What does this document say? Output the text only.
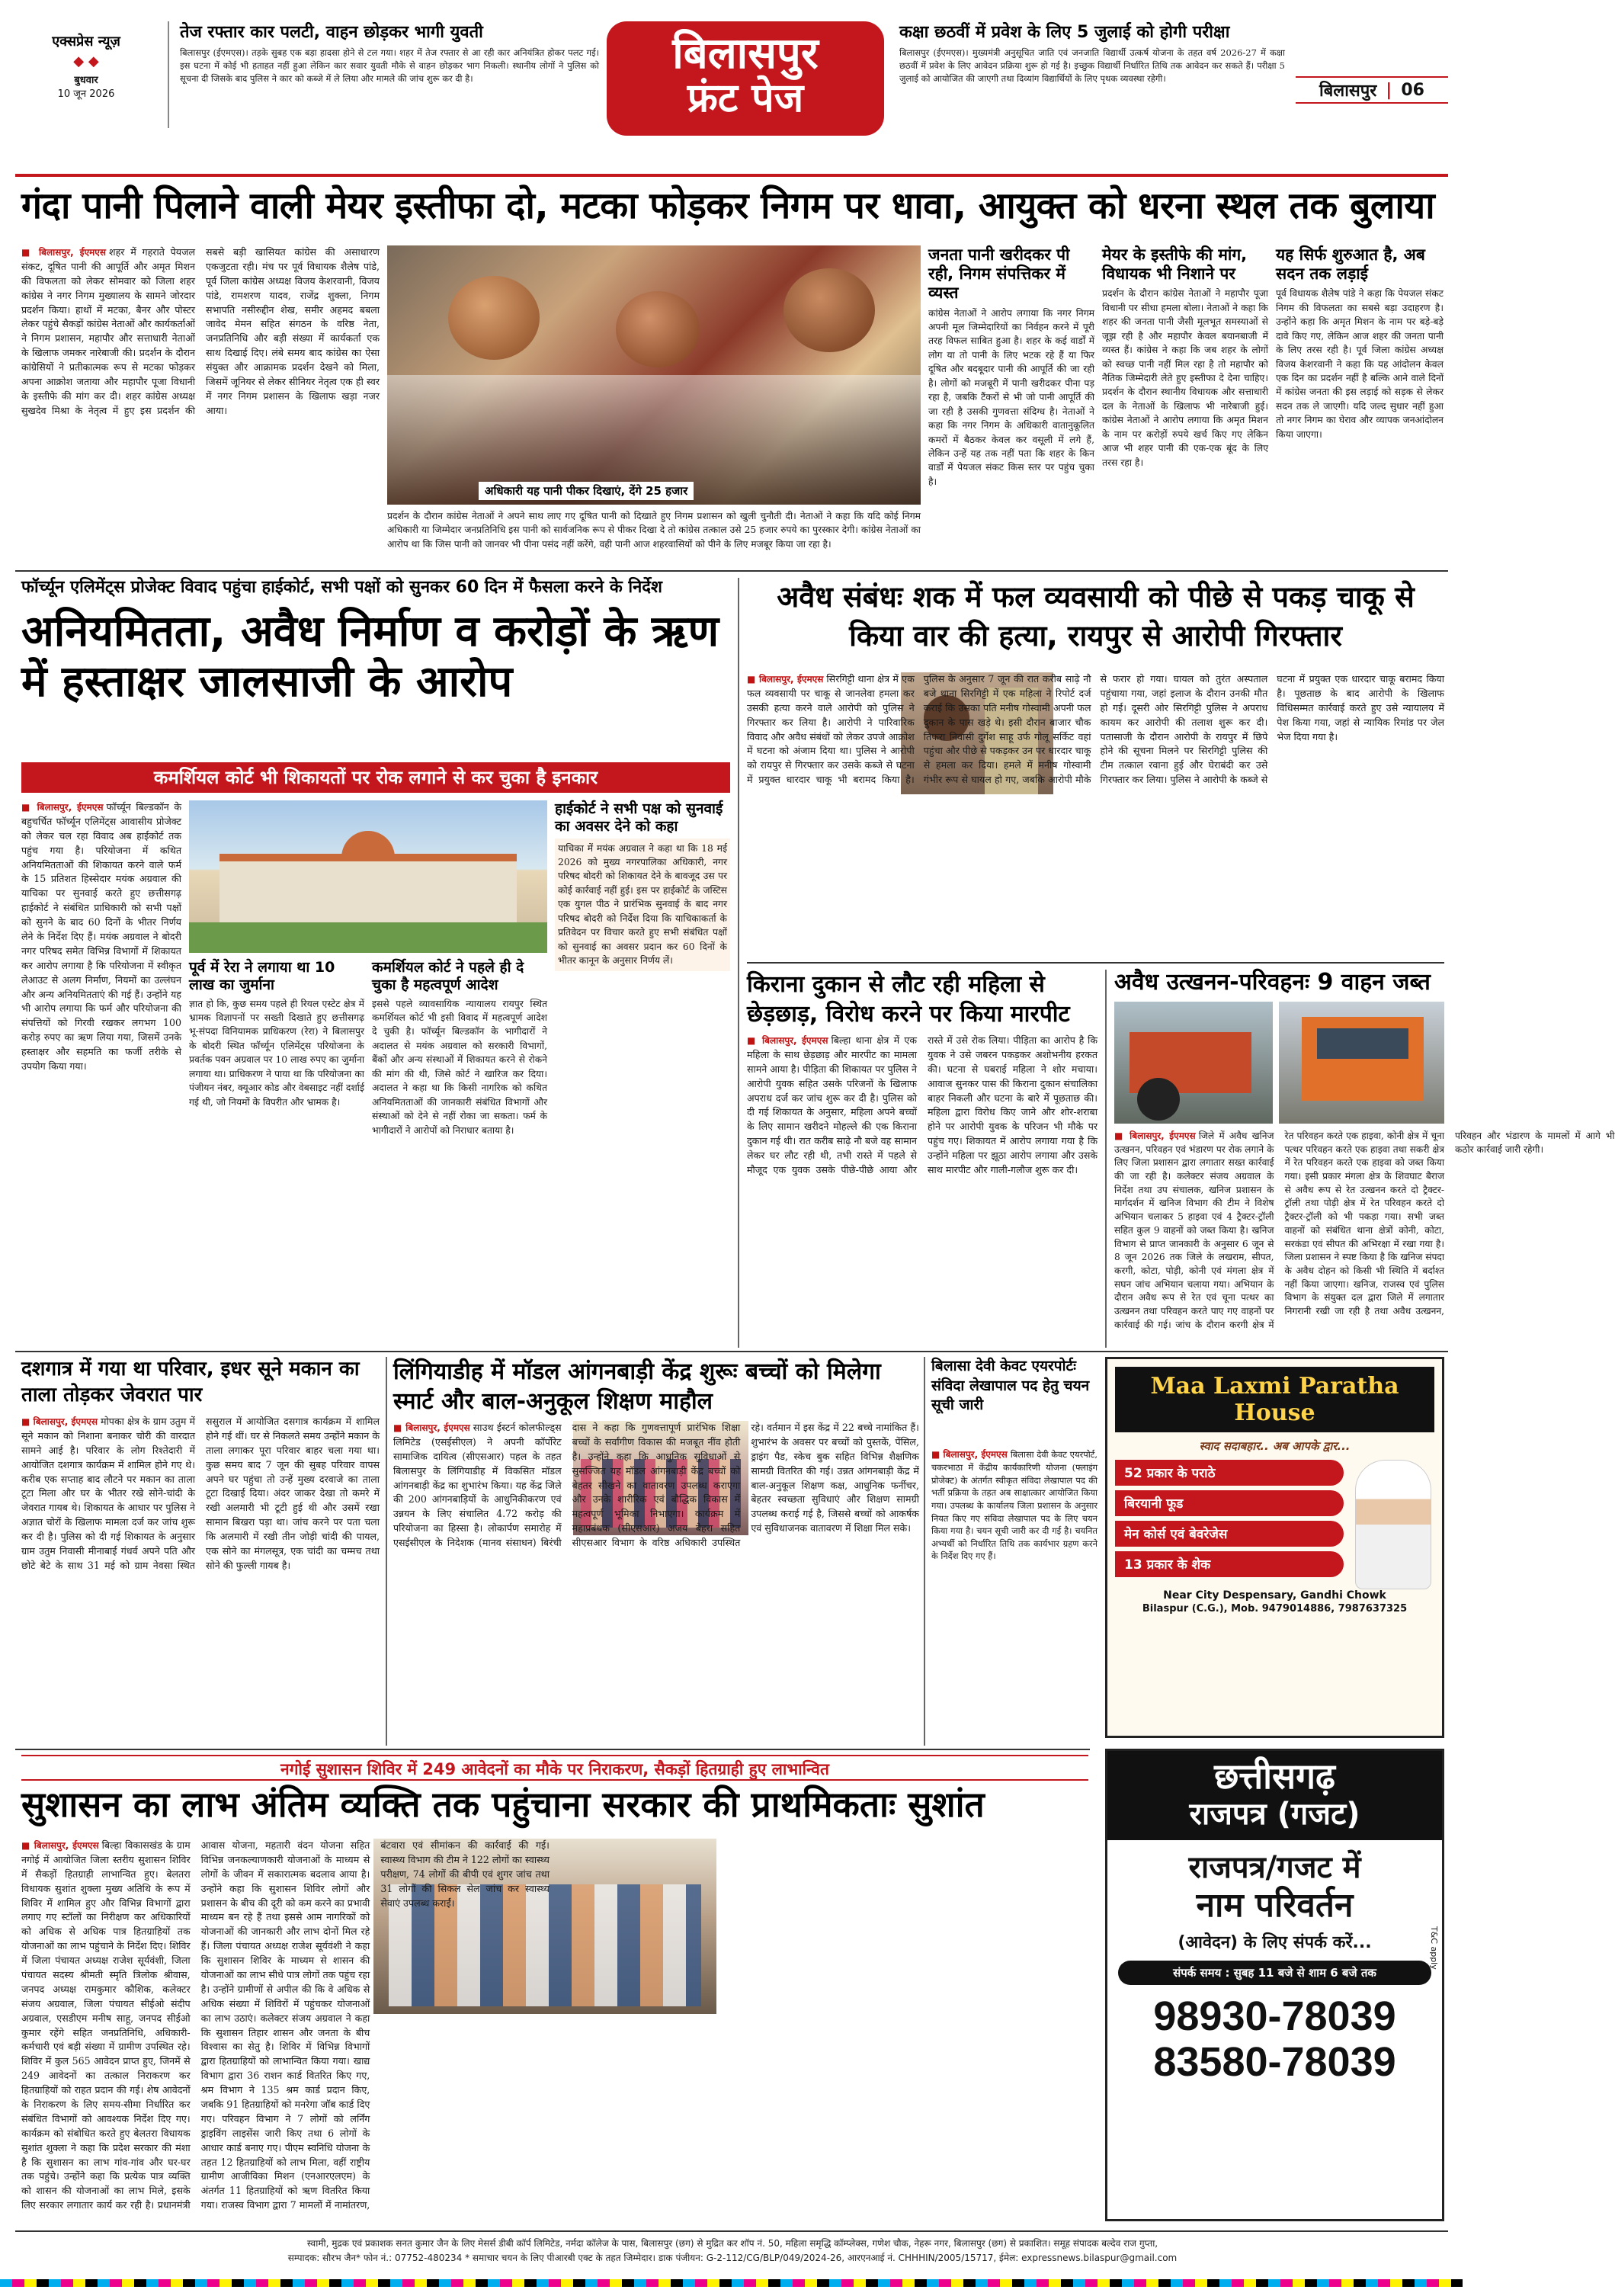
एक्सप्रेस न्यूज़
◆ ◆
बुधवार
10 जून 2026
तेज रफ्तार कार पलटी, वाहन छोड़कर भागी युवती
बिलासपुर (ईएमएस)। तड़के सुबह एक बड़ा हादसा होने से टल गया। शहर में तेज रफ्तार से आ रही कार अनियंत्रित होकर पलट गई। इस घटना में कोई भी हताहत नहीं हुआ लेकिन कार सवार युवती मौके से वाहन छोड़कर भाग निकली। स्थानीय लोगों ने पुलिस को सूचना दी जिसके बाद पुलिस ने कार को कब्जे में ले लिया और मामले की जांच शुरू कर दी है।	बिलासपुर
फ्रंट पेज
कक्षा छठवीं में प्रवेश के लिए 5 जुलाई को होगी परीक्षा
बिलासपुर (ईएमएस)। मुख्यमंत्री अनुसूचित जाति एवं जनजाति विद्यार्थी उत्कर्ष योजना के तहत वर्ष 2026-27 में कक्षा छठवीं में प्रवेश के लिए आवेदन प्रक्रिया शुरू हो गई है। इच्छुक विद्यार्थी निर्धारित तिथि तक आवेदन कर सकते हैं। परीक्षा 5 जुलाई को आयोजित की जाएगी तथा दिव्यांग विद्यार्थियों के लिए पृथक व्यवस्था रहेगी।
बिलासपुर | 06
गंदा पानी पिलाने वाली मेयर इस्तीफा दो, मटका फोड़कर निगम पर धावा, आयुक्त को धरना स्थल तक बुलाया
■ बिलासपुर, ईएमएस शहर में गहराते पेयजल संकट, दूषित पानी की आपूर्ति और अमृत मिशन की विफलता को लेकर सोमवार को जिला शहर कांग्रेस ने नगर निगम मुख्यालय के सामने जोरदार प्रदर्शन किया। हाथों में मटका, बैनर और पोस्टर लेकर पहुंचे सैकड़ों कांग्रेस नेताओं और कार्यकर्ताओं ने निगम प्रशासन, महापौर और सत्ताधारी नेताओं के खिलाफ जमकर नारेबाजी की। प्रदर्शन के दौरान कांग्रेसियों ने प्रतीकात्मक रूप से मटका फोड़कर अपना आक्रोश जताया और महापौर पूजा विधानी के इस्तीफे की मांग कर दी। शहर कांग्रेस अध्यक्ष सुखदेव मिश्रा के नेतृत्व में हुए इस प्रदर्शन की सबसे बड़ी खासियत कांग्रेस की असाधारण एकजुटता रही। मंच पर पूर्व विधायक शैलेष पांडे, पूर्व जिला कांग्रेस अध्यक्ष विजय केशरवानी, विजय पांडे, रामशरण यादव, राजेंद्र शुक्ला, निगम सभापति नसीरुद्दीन शेख, समीर अहमद बबला जावेद मेमन सहित संगठन के वरिष्ठ नेता, जनप्रतिनिधि और बड़ी संख्या में कार्यकर्ता एक साथ दिखाई दिए। लंबे समय बाद कांग्रेस का ऐसा संयुक्त और आक्रामक प्रदर्शन देखने को मिला, जिसमें जूनियर से लेकर सीनियर नेतृत्व एक ही स्वर में नगर निगम प्रशासन के खिलाफ खड़ा नजर आया।
अधिकारी यह पानी पीकर दिखाएं, देंगे 25 हजार
प्रदर्शन के दौरान कांग्रेस नेताओं ने अपने साथ लाए गए दूषित पानी को दिखाते हुए निगम प्रशासन को खुली चुनौती दी। नेताओं ने कहा कि यदि कोई निगम अधिकारी या जिम्मेदार जनप्रतिनिधि इस पानी को सार्वजनिक रूप से पीकर दिखा दे तो कांग्रेस तत्काल उसे 25 हजार रुपये का पुरस्कार देगी। कांग्रेस नेताओं का आरोप था कि जिस पानी को जानवर भी पीना पसंद नहीं करेंगे, वही पानी आज शहरवासियों को पीने के लिए मजबूर किया जा रहा है।
जनता पानी खरीदकर पी रही, निगम संपत्तिकर में व्यस्त
कांग्रेस नेताओं ने आरोप लगाया कि नगर निगम अपनी मूल जिम्मेदारियों का निर्वहन करने में पूरी तरह विफल साबित हुआ है। शहर के कई वार्डों में लोग या तो पानी के लिए भटक रहे हैं या फिर दूषित और बदबूदार पानी की आपूर्ति की जा रही है। लोगों को मजबूरी में पानी खरीदकर पीना पड़ रहा है, जबकि टैंकरों से भी जो पानी आपूर्ति की जा रही है उसकी गुणवत्ता संदिग्ध है। नेताओं ने कहा कि नगर निगम के अधिकारी वातानुकूलित कमरों में बैठकर केवल कर वसूली में लगे हैं, लेकिन उन्हें यह तक नहीं पता कि शहर के किन वार्डों में पेयजल संकट किस स्तर पर पहुंच चुका है।
मेयर के इस्तीफे की मांग, विधायक भी निशाने पर
प्रदर्शन के दौरान कांग्रेस नेताओं ने महापौर पूजा विधानी पर सीधा हमला बोला। नेताओं ने कहा कि शहर की जनता पानी जैसी मूलभूत समस्याओं से जूझ रही है और महापौर केवल बयानबाजी में व्यस्त हैं। कांग्रेस ने कहा कि जब शहर के लोगों को स्वच्छ पानी नहीं मिल रहा है तो महापौर को नैतिक जिम्मेदारी लेते हुए इस्तीफा दे देना चाहिए। प्रदर्शन के दौरान स्थानीय विधायक और सत्ताधारी दल के नेताओं के खिलाफ भी नारेबाजी हुई। कांग्रेस नेताओं ने आरोप लगाया कि अमृत मिशन के नाम पर करोड़ों रुपये खर्च किए गए लेकिन आज भी शहर पानी की एक-एक बूंद के लिए तरस रहा है।
यह सिर्फ शुरुआत है, अब सदन तक लड़ाई
पूर्व विधायक शैलेष पांडे ने कहा कि पेयजल संकट निगम की विफलता का सबसे बड़ा उदाहरण है। उन्होंने कहा कि अमृत मिशन के नाम पर बड़े-बड़े दावे किए गए, लेकिन आज शहर की जनता पानी के लिए तरस रही है। पूर्व जिला कांग्रेस अध्यक्ष विजय केशरवानी ने कहा कि यह आंदोलन केवल एक दिन का प्रदर्शन नहीं है बल्कि आने वाले दिनों में कांग्रेस जनता की इस लड़ाई को सड़क से लेकर सदन तक ले जाएगी। यदि जल्द सुधार नहीं हुआ तो नगर निगम का घेराव और व्यापक जनआंदोलन किया जाएगा।
फॉर्च्यून एलिमेंट्स प्रोजेक्ट विवाद पहुंचा हाईकोर्ट, सभी पक्षों को सुनकर 60 दिन में फैसला करने के निर्देश
अनियमितता, अवैध निर्माण व करोड़ों के ऋण में हस्ताक्षर जालसाजी के आरोप
कमर्शियल कोर्ट भी शिकायतों पर रोक लगाने से कर चुका है इनकार
■ बिलासपुर, ईएमएस फॉर्च्यून बिल्डकॉन के बहुचर्चित फॉर्च्यून एलिमेंट्स आवासीय प्रोजेक्ट को लेकर चल रहा विवाद अब हाईकोर्ट तक पहुंच गया है। परियोजना में कथित अनियमितताओं की शिकायत करने वाले फर्म के 15 प्रतिशत हिस्सेदार मयंक अग्रवाल की याचिका पर सुनवाई करते हुए छत्तीसगढ़ हाईकोर्ट ने संबंधित प्राधिकारी को सभी पक्षों को सुनने के बाद 60 दिनों के भीतर निर्णय लेने के निर्देश दिए हैं। मयंक अग्रवाल ने बोदरी नगर परिषद समेत विभिन्न विभागों में शिकायत कर आरोप लगाया है कि परियोजना में स्वीकृत लेआउट से अलग निर्माण, नियमों का उल्लंघन और अन्य अनियमितताएं की गई हैं। उन्होंने यह भी आरोप लगाया कि फर्म और परियोजना की संपत्तियों को गिरवी रखकर लगभग 100 करोड़ रुपए का ऋण लिया गया, जिसमें उनके हस्ताक्षर और सहमति का फर्जी तरीके से उपयोग किया गया।
पूर्व में रेरा ने लगाया था 10 लाख का जुर्माना
ज्ञात हो कि, कुछ समय पहले ही रियल एस्टेट क्षेत्र में भ्रामक विज्ञापनों पर सख्ती दिखाते हुए छत्तीसगढ़ भू-संपदा विनियामक प्राधिकरण (रेरा) ने बिलासपुर के बोदरी स्थित फॉर्च्यून एलिमेंट्स परियोजना के प्रवर्तक पवन अग्रवाल पर 10 लाख रुपए का जुर्माना लगाया था। प्राधिकरण ने पाया था कि परियोजना का पंजीयन नंबर, क्यूआर कोड और वेबसाइट नहीं दर्शाई गई थी, जो नियमों के विपरीत और भ्रामक है।
कमर्शियल कोर्ट ने पहले ही दे चुका है महत्वपूर्ण आदेश
इससे पहले व्यावसायिक न्यायालय रायपुर स्थित कमर्शियल कोर्ट भी इसी विवाद में महत्वपूर्ण आदेश दे चुकी है। फॉर्च्यून बिल्डकॉन के भागीदारों ने अदालत से मयंक अग्रवाल को सरकारी विभागों, बैंकों और अन्य संस्थाओं में शिकायत करने से रोकने की मांग की थी, जिसे कोर्ट ने खारिज कर दिया। अदालत ने कहा था कि किसी नागरिक को कथित अनियमितताओं की जानकारी संबंधित विभागों और संस्थाओं को देने से नहीं रोका जा सकता। फर्म के भागीदारों ने आरोपों को निराधार बताया है।
हाईकोर्ट ने सभी पक्ष को सुनवाई का अवसर देने को कहा
याचिका में मयंक अग्रवाल ने कहा था कि 18 मई 2026 को मुख्य नगरपालिका अधिकारी, नगर परिषद बोदरी को शिकायत देने के बावजूद उस पर कोई कार्रवाई नहीं हुई। इस पर हाईकोर्ट के जस्टिस एक युगल पीठ ने प्रारंभिक सुनवाई के बाद नगर परिषद बोदरी को निर्देश दिया कि याचिकाकर्ता के प्रतिवेदन पर विचार करते हुए सभी संबंधित पक्षों को सुनवाई का अवसर प्रदान कर 60 दिनों के भीतर कानून के अनुसार निर्णय लें।
अवैध संबंधः शक में फल व्यवसायी को पीछे से पकड़ चाकू से किया वार की हत्या, रायपुर से आरोपी गिरफ्तार
■ बिलासपुर, ईएमएस सिरगिट्टी थाना क्षेत्र में एक फल व्यवसायी पर चाकू से जानलेवा हमला कर उसकी हत्या करने वाले आरोपी को पुलिस ने गिरफ्तार कर लिया है। आरोपी ने पारिवारिक विवाद और अवैध संबंधों को लेकर उपजे आक्रोश में घटना को अंजाम दिया था। पुलिस ने आरोपी को रायपुर से गिरफ्तार कर उसके कब्जे से घटना में प्रयुक्त धारदार चाकू भी बरामद किया है। पुलिस के अनुसार 7 जून की रात करीब साढ़े नौ बजे थाना सिरगिट्टी में एक महिला ने रिपोर्ट दर्ज कराई कि उसका पति मनीष गोस्वामी अपनी फल दुकान के पास खड़े थे। इसी दौरान बाजार चौक तिफरा निवासी दुर्गेश साहू उर्फ गोलू सर्किट वहां पहुंचा और पीछे से पकड़कर उन पर धारदार चाकू से हमला कर दिया। हमले में मनीष गोस्वामी गंभीर रूप से घायल हो गए, जबकि आरोपी मौके से फरार हो गया। घायल को तुरंत अस्पताल पहुंचाया गया, जहां इलाज के दौरान उनकी मौत हो गई। दूसरी ओर सिरगिट्टी पुलिस ने अपराध कायम कर आरोपी की तलाश शुरू कर दी। पतासाजी के दौरान आरोपी के रायपुर में छिपे होने की सूचना मिलने पर सिरगिट्टी पुलिस की टीम तत्काल रवाना हुई और घेराबंदी कर उसे गिरफ्तार कर लिया। पुलिस ने आरोपी के कब्जे से घटना में प्रयुक्त एक धारदार चाकू बरामद किया है। पूछताछ के बाद आरोपी के खिलाफ विधिसम्मत कार्रवाई करते हुए उसे न्यायालय में पेश किया गया, जहां से न्यायिक रिमांड पर जेल भेज दिया गया है।
किराना दुकान से लौट रही महिला से छेड़छाड़, विरोध करने पर किया मारपीट
■ बिलासपुर, ईएमएस बिल्हा थाना क्षेत्र में एक महिला के साथ छेड़छाड़ और मारपीट का मामला सामने आया है। पीड़िता की शिकायत पर पुलिस ने आरोपी युवक सहित उसके परिजनों के खिलाफ अपराध दर्ज कर जांच शुरू कर दी है। पुलिस को दी गई शिकायत के अनुसार, महिला अपने बच्चों के लिए सामान खरीदने मोहल्ले की एक किराना दुकान गई थी। रात करीब साढ़े नौ बजे वह सामान लेकर घर लौट रही थी, तभी रास्ते में पहले से मौजूद एक युवक उसके पीछे-पीछे आया और रास्ते में उसे रोक लिया। पीड़िता का आरोप है कि युवक ने उसे जबरन पकड़कर अशोभनीय हरकत की। घटना से घबराई महिला ने शोर मचाया। आवाज सुनकर पास की किराना दुकान संचालिका बाहर निकली और घटना के बारे में पूछताछ की। महिला द्वारा विरोध किए जाने और शोर-शराबा होने पर आरोपी युवक के परिजन भी मौके पर पहुंच गए। शिकायत में आरोप लगाया गया है कि उन्होंने महिला पर झूठा आरोप लगाया और उसके साथ मारपीट और गाली-गलौज शुरू कर दी।
अवैध उत्खनन-परिवहनः 9 वाहन जब्त
■ बिलासपुर, ईएमएस जिले में अवैध खनिज उत्खनन, परिवहन एवं भंडारण पर रोक लगाने के लिए जिला प्रशासन द्वारा लगातार सख्त कार्रवाई की जा रही है। कलेक्टर संजय अग्रवाल के निर्देश तथा उप संचालक, खनिज प्रशासन के मार्गदर्शन में खनिज विभाग की टीम ने विशेष अभियान चलाकर 5 हाइवा एवं 4 ट्रैक्टर-ट्रॉली सहित कुल 9 वाहनों को जब्त किया है। खनिज विभाग से प्राप्त जानकारी के अनुसार 6 जून से 8 जून 2026 तक जिले के लखराम, सीपत, करगी, कोटा, पोड़ी, कोनी एवं मंगला क्षेत्र में सघन जांच अभियान चलाया गया। अभियान के दौरान अवैध रूप से रेत एवं चूना पत्थर का उत्खनन तथा परिवहन करते पाए गए वाहनों पर कार्रवाई की गई। जांच के दौरान करगी क्षेत्र में रेत परिवहन करते एक हाइवा, कोनी क्षेत्र में चूना पत्थर परिवहन करते एक हाइवा तथा सकरी क्षेत्र में रेत परिवहन करते एक हाइवा को जब्त किया गया। इसी प्रकार मंगला क्षेत्र के शिवघाट बैराज से अवैध रूप से रेत उत्खनन करते दो ट्रैक्टर-ट्रॉली तथा पोड़ी क्षेत्र में रेत परिवहन करते दो ट्रैक्टर-ट्रॉली को भी पकड़ा गया। सभी जब्त वाहनों को संबंधित थाना क्षेत्रों कोनी, कोटा, सरकंडा एवं सीपत की अभिरक्षा में रखा गया है। जिला प्रशासन ने स्पष्ट किया है कि खनिज संपदा के अवैध दोहन को किसी भी स्थिति में बर्दाश्त नहीं किया जाएगा। खनिज, राजस्व एवं पुलिस विभाग के संयुक्त दल द्वारा जिले में लगातार निगरानी रखी जा रही है तथा अवैध उत्खनन, परिवहन और भंडारण के मामलों में आगे भी कठोर कार्रवाई जारी रहेगी।
दशगात्र में गया था परिवार, इधर सूने मकान का ताला तोड़कर जेवरात पार
■ बिलासपुर, ईएमएस मोपका क्षेत्र के ग्राम उतुम में सूने मकान को निशाना बनाकर चोरी की वारदात सामने आई है। परिवार के लोग रिश्तेदारी में आयोजित दशगात्र कार्यक्रम में शामिल होने गए थे। करीब एक सप्ताह बाद लौटने पर मकान का ताला टूटा मिला और घर के भीतर रखे सोने-चांदी के जेवरात गायब थे। शिकायत के आधार पर पुलिस ने अज्ञात चोरों के खिलाफ मामला दर्ज कर जांच शुरू कर दी है। पुलिस को दी गई शिकायत के अनुसार ग्राम उतुम निवासी मीनाबाई गंधर्व अपने पति और छोटे बेटे के साथ 31 मई को ग्राम नेवसा स्थित ससुराल में आयोजित दसगात्र कार्यक्रम में शामिल होने गई थीं। घर से निकलते समय उन्होंने मकान के ताला लगाकर पूरा परिवार बाहर चला गया था। कुछ समय बाद 7 जून की सुबह परिवार वापस अपने घर पहुंचा तो उन्हें मुख्य दरवाजे का ताला टूटा दिखाई दिया। अंदर जाकर देखा तो कमरे में रखी अलमारी भी टूटी हुई थी और उसमें रखा सामान बिखरा पड़ा था। जांच करने पर पता चला कि अलमारी में रखी तीन जोड़ी चांदी की पायल, एक सोने का मंगलसूत्र, एक चांदी का चम्मच तथा सोने की फुल्ली गायब है।
लिंगियाडीह में मॉडल आंगनबाड़ी केंद्र शुरूः बच्चों को मिलेगा स्मार्ट और बाल-अनुकूल शिक्षण माहौल
■ बिलासपुर, ईएमएस साउथ ईस्टर्न कोलफील्ड्स लिमिटेड (एसईसीएल) ने अपनी कॉर्पोरेट सामाजिक दायित्व (सीएसआर) पहल के तहत बिलासपुर के लिंगियाडीह में विकसित मॉडल आंगनबाड़ी केंद्र का शुभारंभ किया। यह केंद्र जिले की 200 आंगनबाड़ियों के आधुनिकीकरण एवं उन्नयन के लिए संचालित 4.72 करोड़ की परियोजना का हिस्सा है। लोकार्पण समारोह में एसईसीएल के निदेशक (मानव संसाधन) बिरंची दास ने कहा कि गुणवत्तापूर्ण प्रारंभिक शिक्षा बच्चों के सर्वांगीण विकास की मजबूत नींव होती है। उन्होंने कहा कि आधुनिक सुविधाओं से सुसज्जित यह मॉडल आंगनबाड़ी केंद्र बच्चों को बेहतर सीखने का वातावरण उपलब्ध कराएगा और उनके शारीरिक एवं बौद्धिक विकास में महत्वपूर्ण भूमिका निभाएगा। कार्यक्रम में महाप्रबंधक (सीएसआर) अजय बेहरा सहित सीएसआर विभाग के वरिष्ठ अधिकारी उपस्थित रहे। वर्तमान में इस केंद्र में 22 बच्चे नामांकित हैं। शुभारंभ के अवसर पर बच्चों को पुस्तकें, पेंसिल, ड्राइंग पैड, स्केच बुक सहित विभिन्न शैक्षणिक सामग्री वितरित की गई। उन्नत आंगनबाड़ी केंद्र में बाल-अनुकूल शिक्षण कक्ष, आधुनिक फर्नीचर, बेहतर स्वच्छता सुविधाएं और शिक्षण सामग्री उपलब्ध कराई गई है, जिससे बच्चों को आकर्षक एवं सुविधाजनक वातावरण में शिक्षा मिल सके।
बिलासा देवी केवट एयरपोर्टः संविदा लेखापाल पद हेतु चयन सूची जारी
■ बिलासपुर, ईएमएस बिलासा देवी केवट एयरपोर्ट, चकरभाठा में केंद्रीय कार्यकारिणी योजना (फ्लाइंग प्रोजेक्ट) के अंतर्गत स्वीकृत संविदा लेखापाल पद की भर्ती प्रक्रिया के तहत अब साक्षात्कार आयोजित किया गया। उपलब्ध के कार्यालय जिला प्रशासन के अनुसार नियत किए गए संविदा लेखापाल पद के लिए चयन किया गया है। चयन सूची जारी कर दी गई है। चयनित अभ्यर्थी को निर्धारित तिथि तक कार्यभार ग्रहण करने के निर्देश दिए गए हैं।
Maa Laxmi Paratha House
स्वाद सदाबहार.. अब आपके द्वार...
52 प्रकार के पराठे
बिरयानी फूड
मेन कोर्स एवं बेवरेजेस
13 प्रकार के शेक
Near City Despensary, Gandhi Chowk
Bilaspur (C.G.), Mob. 9479014886, 7987637325
नगोई सुशासन शिविर में 249 आवेदनों का मौके पर निराकरण, सैकड़ों हितग्राही हुए लाभान्वित
सुशासन का लाभ अंतिम व्यक्ति तक पहुंचाना सरकार की प्राथमिकताः सुशांत
■ बिलासपुर, ईएमएस बिल्हा विकासखंड के ग्राम नगोई में आयोजित जिला स्तरीय सुशासन शिविर में सैकड़ों हितग्राही लाभान्वित हुए। बेलतरा विधायक सुशांत शुक्ला मुख्य अतिथि के रूप में शिविर में शामिल हुए और विभिन्न विभागों द्वारा लगाए गए स्टॉलों का निरीक्षण कर अधिकारियों को अधिक से अधिक पात्र हितग्राहियों तक योजनाओं का लाभ पहुंचाने के निर्देश दिए। शिविर में जिला पंचायत अध्यक्ष राजेश सूर्यवंशी, जिला पंचायत सदस्य श्रीमती स्मृति त्रिलोक श्रीवास, जनपद अध्यक्ष रामकुमार कौशिक, कलेक्टर संजय अग्रवाल, जिला पंचायत सीईओ संदीप अग्रवाल, एसडीएम मनीष साहू, जनपद सीईओ कुमार रहेंगे सहित जनप्रतिनिधि, अधिकारी-कर्मचारी एवं बड़ी संख्या में ग्रामीण उपस्थित रहे। शिविर में कुल 565 आवेदन प्राप्त हुए, जिनमें से 249 आवेदनों का तत्काल निराकरण कर हितग्राहियों को राहत प्रदान की गई। शेष आवेदनों के निराकरण के लिए समय-सीमा निर्धारित कर संबंधित विभागों को आवश्यक निर्देश दिए गए। कार्यक्रम को संबोधित करते हुए बेलतरा विधायक सुशांत शुक्ला ने कहा कि प्रदेश सरकार की मंशा है कि सुशासन का लाभ गांव-गांव और घर-घर तक पहुंचे। उन्होंने कहा कि प्रत्येक पात्र व्यक्ति को शासन की योजनाओं का लाभ मिले, इसके लिए सरकार लगातार कार्य कर रही है। प्रधानमंत्री आवास योजना, महतारी वंदन योजना सहित विभिन्न जनकल्याणकारी योजनाओं के माध्यम से लोगों के जीवन में सकारात्मक बदलाव आया है। उन्होंने कहा कि सुशासन शिविर लोगों और प्रशासन के बीच की दूरी को कम करने का प्रभावी माध्यम बन रहे हैं तथा इससे आम नागरिकों को योजनाओं की जानकारी और लाभ दोनों मिल रहे हैं। जिला पंचायत अध्यक्ष राजेश सूर्यवंशी ने कहा कि सुशासन शिविर के माध्यम से शासन की योजनाओं का लाभ सीधे पात्र लोगों तक पहुंच रहा है। उन्होंने ग्रामीणों से अपील की कि वे अधिक से अधिक संख्या में शिविरों में पहुंचकर योजनाओं का लाभ उठाएं। कलेक्टर संजय अग्रवाल ने कहा कि सुशासन तिहार शासन और जनता के बीच विश्वास का सेतु है। शिविर में विभिन्न विभागों द्वारा हितग्राहियों को लाभान्वित किया गया। खाद्य विभाग द्वारा 36 राशन कार्ड वितरित किए गए, श्रम विभाग ने 135 श्रम कार्ड प्रदान किए, जबकि 91 हितग्राहियों को मनरेगा जॉब कार्ड दिए गए। परिवहन विभाग ने 7 लोगों को लर्निंग ड्राइविंग लाइसेंस जारी किए तथा 6 लोगों के आधार कार्ड बनाए गए। पीएम स्वनिधि योजना के तहत 12 हितग्राहियों को लाभ मिला, वहीं राष्ट्रीय ग्रामीण आजीविका मिशन (एनआरएलएम) के अंतर्गत 11 हितग्राहियों को ऋण वितरित किया गया। राजस्व विभाग द्वारा 7 मामलों में नामांतरण, बंटवारा एवं सीमांकन की कार्रवाई की गई। स्वास्थ्य विभाग की टीम ने 122 लोगों का स्वास्थ्य परीक्षण, 74 लोगों की बीपी एवं शुगर जांच तथा 31 लोगों की सिकल सेल जांच कर स्वास्थ्य सेवाएं उपलब्ध कराईं।
छत्तीसगढ़
राजपत्र (गजट)
राजपत्र/गजट में
नाम परिवर्तन
(आवेदन) के लिए संपर्क करें...
संपर्क समय : सुबह 11 बजे से शाम 6 बजे तक
98930-78039
83580-78039
T&C apply
स्वामी, मुद्रक एवं प्रकाशक सनत कुमार जैन के लिए मेसर्स डीबी कॉर्प लिमिटेड, नर्मदा कॉलेज के पास, बिलासपुर (छग) से मुद्रित कर शॉप नं. 50, महिला समृद्धि कॉम्प्लेक्स, गणेश चौक, नेहरू नगर, बिलासपुर (छग) से प्रकाशित। समूह संपादक बल्देव राज गुप्ता,
सम्पादक: सौरभ जैन* फोन नं.: 07752-480234 * समाचार चयन के लिए पीआरबी एक्ट के तहत जिम्मेदार। डाक पंजीयन: G-2-112/CG/BLP/049/2024-26, आरएनआई नं. CHHHIN/2005/15717, ईमेल: expressnews.bilaspur@gmail.com
